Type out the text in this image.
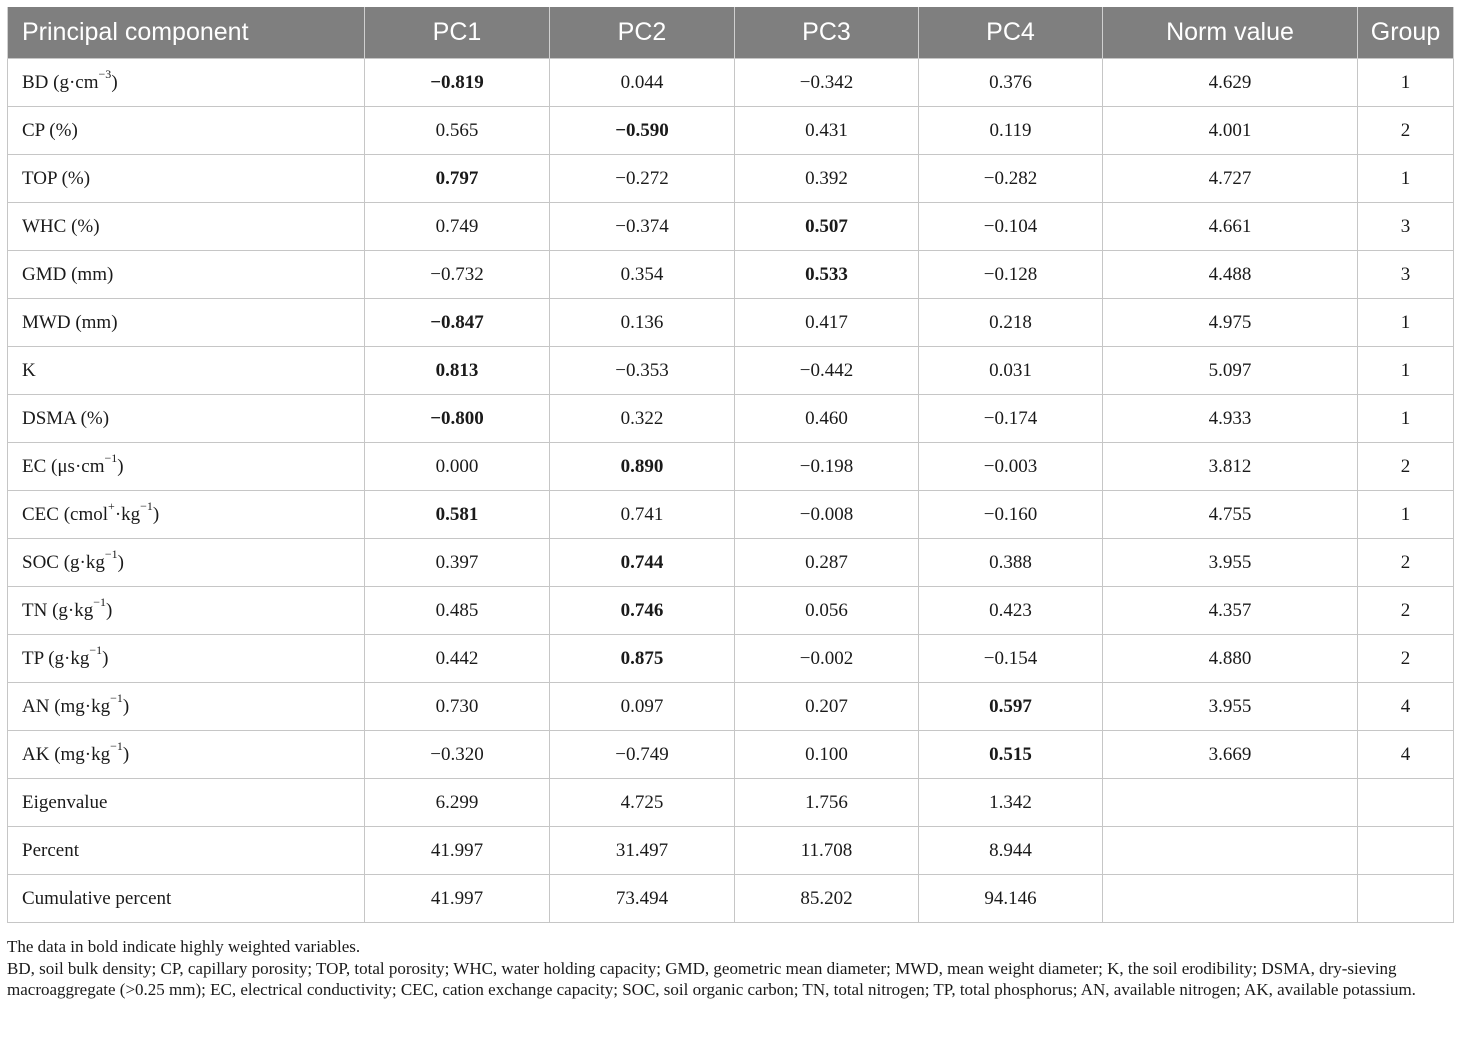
Principal component	PC1	PC2	PC3	PC4	Norm value	Group
BD $(g\cdot cm^{-3})$	−0.819	0.044	−0.342	0.376	4.629	1
CP (%)	0.565	−0.590	0.431	0.119	4.001	2
TOP (%)	0.797	−0.272	0.392	−0.282	4.727	1
WHC (%)	0.749	−0.374	0.507	−0.104	4.661	3
GMD (mm)	−0.732	0.354	0.533	−0.128	4.488	3
MWD (mm)	−0.847	0.136	0.417	0.218	4.975	1
K	0.813	−0.353	−0.442	0.031	5.097	1
DSMA (%)	−0.800	0.322	0.460	−0.174	4.933	1
EC $(\mu s\cdot cm^{-1})$	0.000	0.890	−0.198	−0.003	3.812	2
CEC $(cmol^+\cdot kg^{-1})$	0.581	0.741	−0.008	−0.160	4.755	1
SOC $(g\cdot kg^{-1})$	0.397	0.744	0.287	0.388	3.955	2
TN $(g\cdot kg^{-1})$	0.485	0.746	0.056	0.423	4.357	2
TP $(g\cdot kg^{-1})$	0.442	0.875	−0.002	−0.154	4.880	2
AN $(mg\cdot kg^{-1})$	0.730	0.097	0.207	0.597	3.955	4
AK $(mg\cdot kg^{-1})$	−0.320	−0.749	0.100	0.515	3.669	4
Eigenvalue	6.299	4.725	1.756	1.342		
Percent	41.997	31.497	11.708	8.944		
Cumulative percent	41.997	73.494	85.202	94.146		

The data in bold indicate highly weighted variables.

BD, soil bulk density; CP, capillary porosity; TOP, total porosity; WHC, water holding capacity; GMD, geometric mean diameter; MWD, mean weight diameter; K, the soil erodibility; DSMA, dry-sieving macroaggregate (>0.25 mm); EC, electrical conductivity; CEC, cation exchange capacity; SOC, soil organic carbon; TN, total nitrogen; TP, total phosphorus; AN, available nitrogen; AK, available potassium.
